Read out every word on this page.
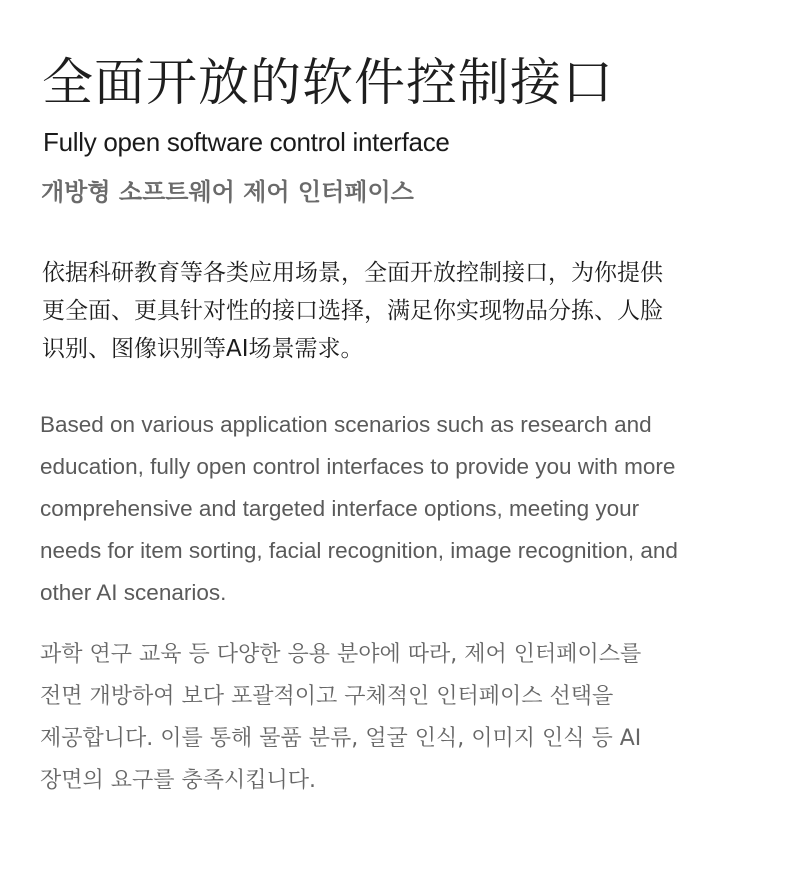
全面开放的软件控制接口
Fully open software control interface
개방형 소프트웨어 제어 인터페이스

依据科研教育等各类应用场景，全面开放控制接口，为你提供
更全面、更具针对性的接口选择，满足你实现物品分拣、人脸
识别、图像识别等AI场景需求。

Based on various application scenarios such as research and
education, fully open control interfaces to provide you with more
comprehensive and targeted interface options, meeting your
needs for item sorting, facial recognition, image recognition, and
other AI scenarios.

과학 연구 교육 등 다양한 응용 분야에 따라, 제어 인터페이스를
전면 개방하여 보다 포괄적이고 구체적인 인터페이스 선택을
제공합니다. 이를 통해 물품 분류, 얼굴 인식, 이미지 인식 등 AI
장면의 요구를 충족시킵니다.
